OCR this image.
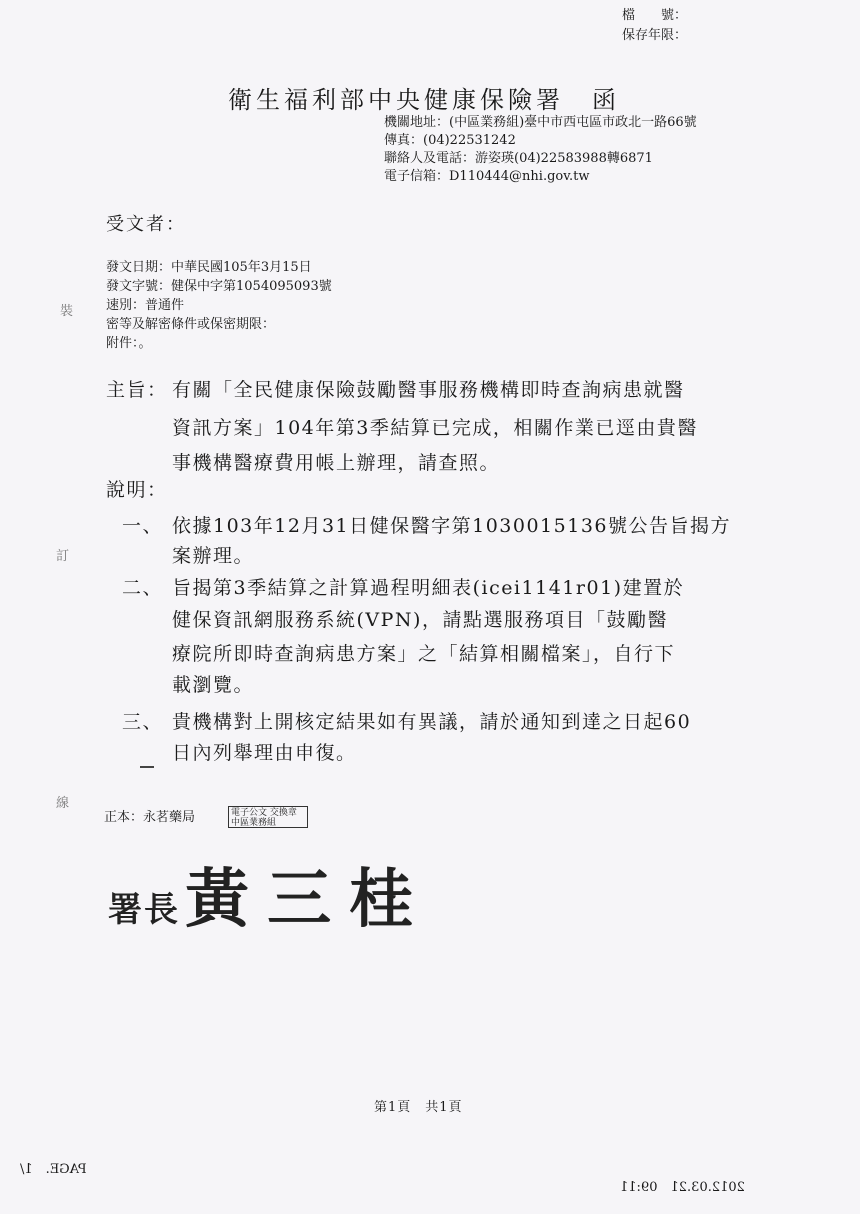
檔　　號：
保存年限：
衛生福利部中央健康保險署　函
機關地址：(中區業務組)臺中市西屯區市政北一路66號
傳真：(04)22531242
聯絡人及電話：游姿瑛(04)22583988轉6871
電子信箱：D110444@nhi.gov.tw
受文者：
發文日期：中華民國105年3月15日
發文字號：健保中字第1054095093號
速別：普通件
密等及解密條件或保密期限：
附件：。
主旨： 有關「全民健康保險鼓勵醫事服務機構即時查詢病患就醫
資訊方案」104年第3季結算已完成，相關作業已逕由貴醫
事機構醫療費用帳上辦理，請查照。
說明：
一、 依據103年12月31日健保醫字第1030015136號公告旨揭方
案辦理。
二、 旨揭第3季結算之計算過程明細表(icei1141r01)建置於
健保資訊網服務系統(VPN)，請點選服務項目「鼓勵醫
療院所即時查詢病患方案」之「結算相關檔案」，自行下
載瀏覽。
三、 貴機構對上開核定結果如有異議，請於通知到達之日起60
日內列舉理由申復。
正本：永茗藥局	電子公文 交換章 中區業務組
署長 黃三桂
裝
訂
線
第1頁　共1頁
PAGE.　1/
2012.03.21　09:11
